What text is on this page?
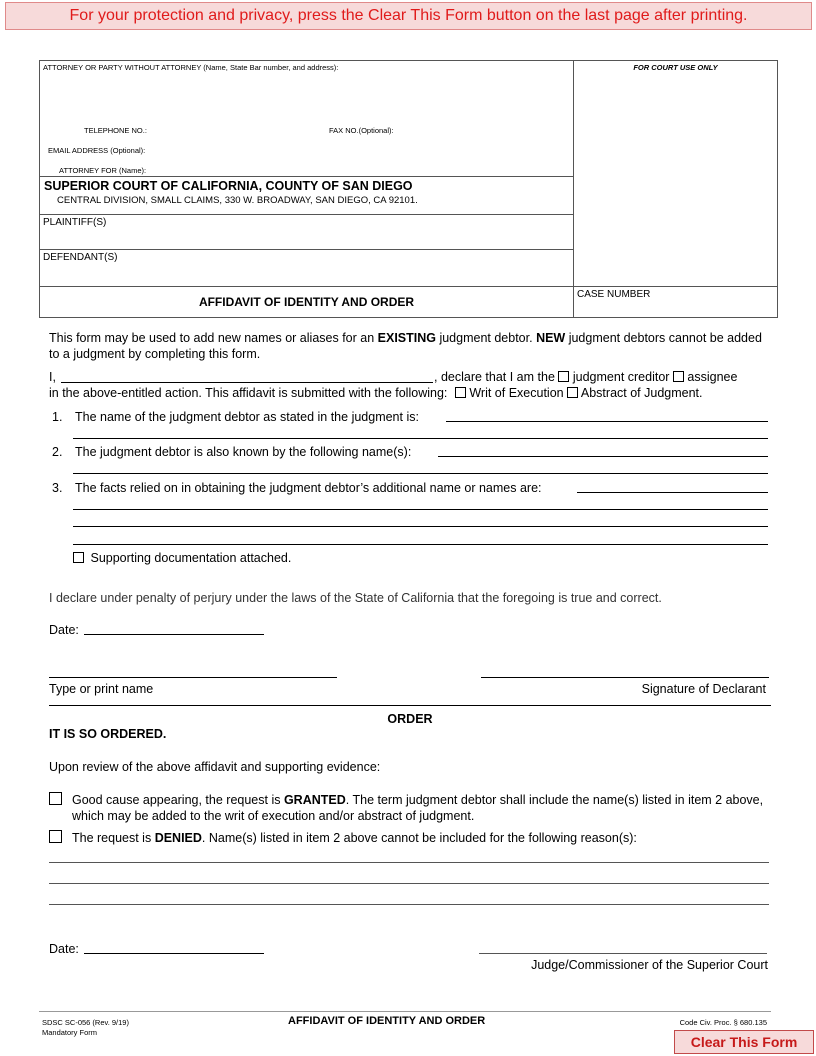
For your protection and privacy, press the Clear This Form button on the last page after printing.
ATTORNEY OR PARTY WITHOUT ATTORNEY (Name, State Bar number, and address):	FOR COURT USE ONLY
TELEPHONE NO.:	FAX NO.(Optional):
EMAIL ADDRESS (Optional):
ATTORNEY FOR (Name):
SUPERIOR COURT OF CALIFORNIA, COUNTY OF SAN DIEGO
CENTRAL DIVISION, SMALL CLAIMS, 330 W. BROADWAY, SAN DIEGO, CA 92101.
PLAINTIFF(S)
DEFENDANT(S)
AFFIDAVIT OF IDENTITY AND ORDER
CASE NUMBER
This form may be used to add new names or aliases for an EXISTING judgment debtor. NEW judgment debtors cannot be added to a judgment by completing this form.
I,	, declare that I am the judgment creditor assignee
in the above-entitled action. This affidavit is submitted with the following: Writ of Execution Abstract of Judgment.
1. The name of the judgment debtor as stated in the judgment is:
2. The judgment debtor is also known by the following name(s):
3. The facts relied on in obtaining the judgment debtor’s additional name or names are:
Supporting documentation attached.
I declare under penalty of perjury under the laws of the State of California that the foregoing is true and correct.
Date:
Type or print name	Signature of Declarant
ORDER
IT IS SO ORDERED.
Upon review of the above affidavit and supporting evidence:
Good cause appearing, the request is GRANTED. The term judgment debtor shall include the name(s) listed in item 2 above, which may be added to the writ of execution and/or abstract of judgment.
The request is DENIED. Name(s) listed in item 2 above cannot be included for the following reason(s):
Date:
Judge/Commissioner of the Superior Court
SDSC SC-056 (Rev. 9/19)
Mandatory Form
AFFIDAVIT OF IDENTITY AND ORDER	Code Civ. Proc. § 680.135
Clear This Form
